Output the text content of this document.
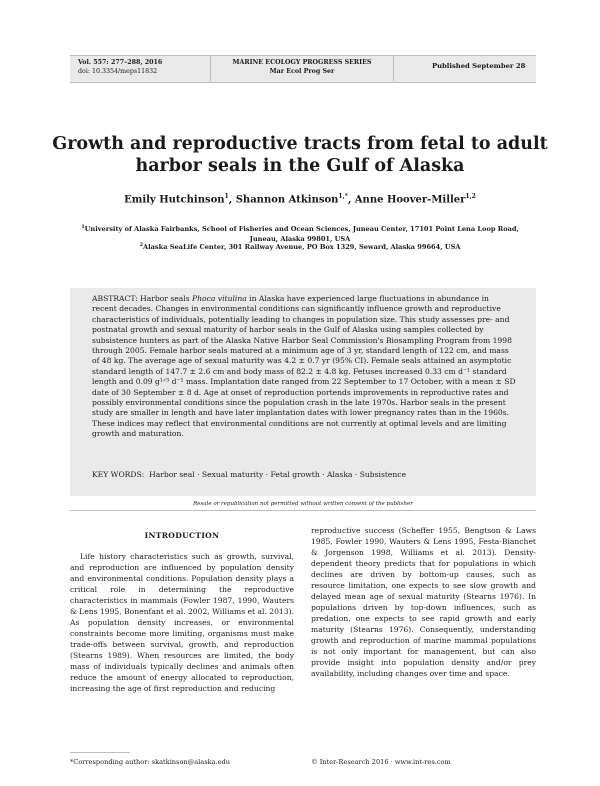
Vol. 557: 277–288, 2016
doi: 10.3354/meps11832
MARINE ECOLOGY PROGRESS SERIES
Mar Ecol Prog Ser
Published September 28
Growth and reproductive tracts from fetal to adult
harbor seals in the Gulf of Alaska
Emily Hutchinson$^1$, Shannon Atkinson$^{1,*}$, Anne Hoover-Miller$^{1,2}$
$^1$University of Alaska Fairbanks, School of Fisheries and Ocean Sciences, Juneau Center, 17101 Point Lena Loop Road,
Juneau, Alaska 99801, USA
$^2$Alaska SeaLife Center, 301 Railway Avenue, PO Box 1329, Seward, Alaska 99664, USA
ABSTRACT: Harbor seals Phoca vitulina in Alaska have experienced large fluctuations in abundance in recent decades. Changes in environmental conditions can significantly influence growth and reproductive characteristics of individuals, potentially leading to changes in population size. This study assesses pre- and postnatal growth and sexual maturity of harbor seals in the Gulf of Alaska using samples collected by subsistence hunters as part of the Alaska Native Harbor Seal Commission's Biosampling Program from 1998 through 2005. Female harbor seals matured at a minimum age of 3 yr, standard length of 122 cm, and mass of 48 kg. The average age of sexual maturity was 4.2 ± 0.7 yr (95% CI). Female seals attained an asymptotic standard length of 147.7 ± 2.6 cm and body mass of 82.2 ± 4.8 kg. Fetuses increased 0.33 cm d⁻¹ standard length and 0.09 g¹ᐟ³ d⁻¹ mass. Implantation date ranged from 22 September to 17 October, with a mean ± SD date of 30 September ± 8 d. Age at onset of reproduction portends improvements in reproductive rates and possibly environmental conditions since the population crash in the late 1970s. Harbor seals in the present study are smaller in length and have later implantation dates with lower pregnancy rates than in the 1960s. These indices may reflect that environmental conditions are not currently at optimal levels and are limiting growth and maturation.
KEY WORDS: Harbor seal · Sexual maturity · Fetal growth · Alaska · Subsistence
Resale or republication not permitted without written consent of the publisher
INTRODUCTION
Life history characteristics such as growth, survival, and reproduction are influenced by population density and environmental conditions. Population density plays a critical role in determining the reproductive characteristics in mammals (Fowler 1987, 1990, Wauters & Lens 1995, Bonenfant et al. 2002, Williams et al. 2013). As population density increases, or environmental constraints become more limiting, organisms must make trade-offs between survival, growth, and reproduction (Stearns 1989). When resources are limited, the body mass of individuals typically declines and animals often reduce the amount of energy allocated to reproduction, increasing the age of first reproduction and reducing
reproductive success (Scheffer 1955, Bengtson & Laws 1985, Fowler 1990, Wauters & Lens 1995, Festa-Bianchet & Jorgenson 1998, Williams et al. 2013). Density-dependent theory predicts that for populations in which declines are driven by bottom-up causes, such as resource limitation, one expects to see slow growth and delayed mean age of sexual maturity (Stearns 1976). In populations driven by top-down influences, such as predation, one expects to see rapid growth and early maturity (Stearns 1976). Consequently, understanding growth and reproduction of marine mammal populations is not only important for management, but can also provide insight into population density and/or prey availability, including changes over time and space.
*Corresponding author: skatkinson@alaska.edu	© Inter-Research 2016 · www.int-res.com
